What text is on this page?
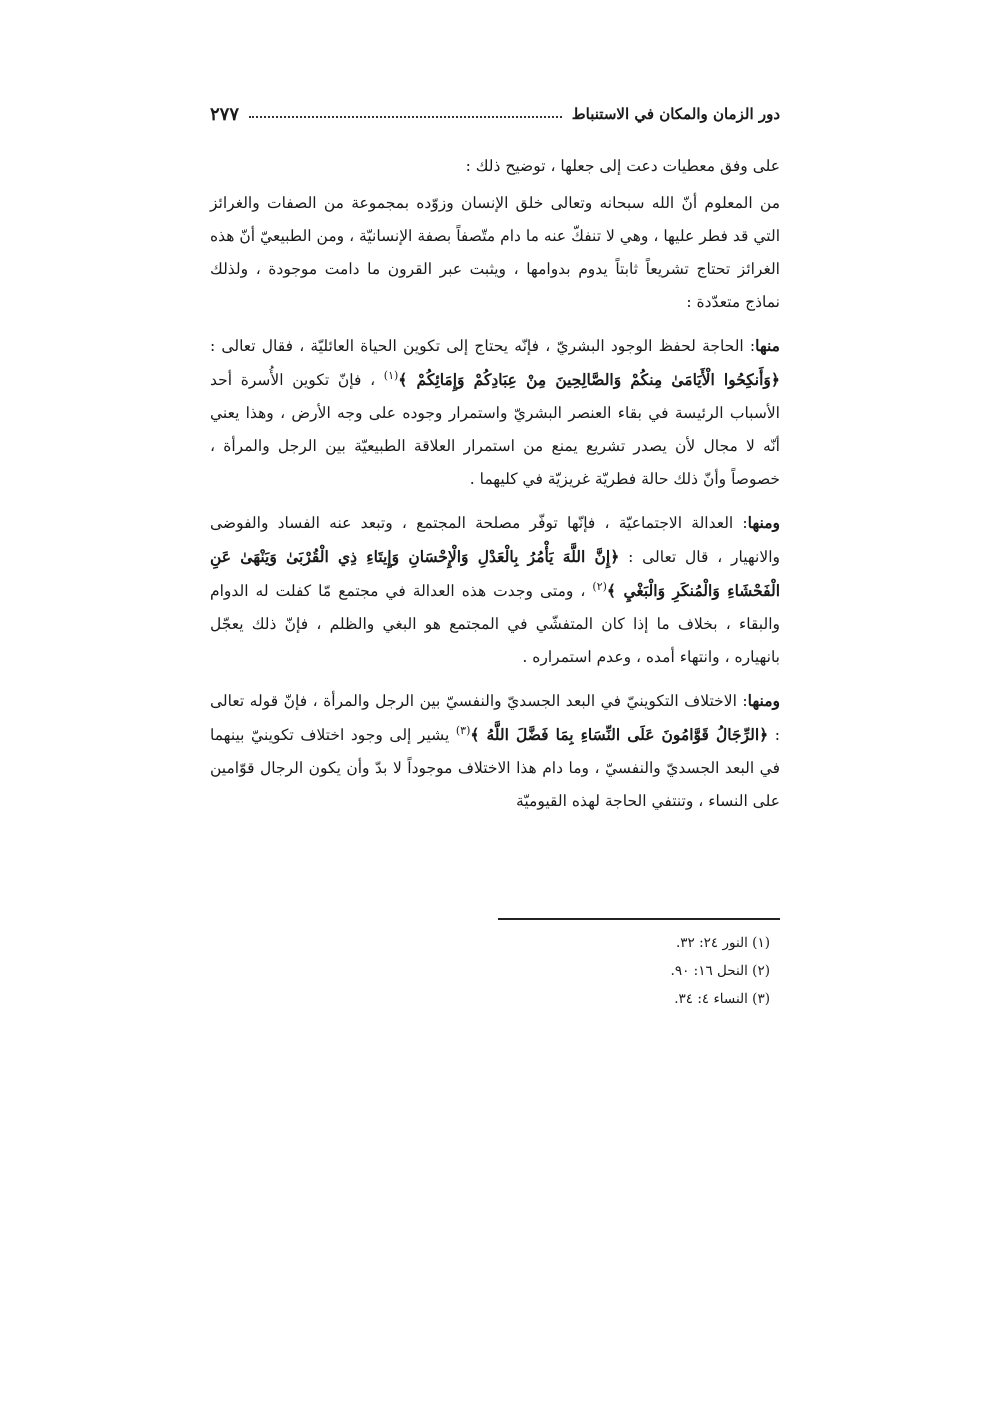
دور الزمان والمكان في الاستنباط
٢٧٧

على وفق معطيات دعت إلى جعلها ، توضيح ذلك :

من المعلوم أنّ الله سبحانه وتعالى خلق الإنسان وزوّده بمجموعة من الصفات والغرائز التي قد فطر عليها ، وهي لا تنفكّ عنه ما دام متّصفاً بصفة الإنسانيّة ، ومن الطبيعيّ أنّ هذه الغرائز تحتاج تشريعاً ثابتاً يدوم بدوامها ، ويثبت عبر القرون ما دامت موجودة ، ولذلك نماذج متعدّدة :

منها: الحاجة لحفظ الوجود البشريّ ، فإنّه يحتاج إلى تكوين الحياة العائليّة ، فقال تعالى : ﴿وَأَنكِحُوا الْأَيَامَىٰ مِنكُمْ وَالصَّالِحِينَ مِنْ عِبَادِكُمْ وَإِمَائِكُمْ ﴾$^{(١)}$ ، فإنّ تكوين الأُسرة أحد الأسباب الرئيسة في بقاء العنصر البشريّ واستمرار وجوده على وجه الأرض ، وهذا يعني أنّه لا مجال لأن يصدر تشريع يمنع من استمرار العلاقة الطبيعيّة بين الرجل والمرأة ، خصوصاً وأنّ ذلك حالة فطريّة غريزيّة في كليهما .

ومنها: العدالة الاجتماعيّة ، فإنّها توفّر مصلحة المجتمع ، وتبعد عنه الفساد والفوضى والانهيار ، قال تعالى : ﴿إِنَّ اللَّهَ يَأْمُرُ بِالْعَدْلِ وَالْإِحْسَانِ وَإِيتَاءِ ذِي الْقُرْبَىٰ وَيَنْهَىٰ عَنِ الْفَحْشَاءِ وَالْمُنكَرِ وَالْبَغْيِ ﴾$^{(٢)}$ ، ومتى وجدت هذه العدالة في مجتمع مّا كفلت له الدوام والبقاء ، بخلاف ما إذا كان المتفشّي في المجتمع هو البغي والظلم ، فإنّ ذلك يعجّل بانهياره ، وانتهاء أمده ، وعدم استمراره .

ومنها: الاختلاف التكوينيّ في البعد الجسديّ والنفسيّ بين الرجل والمرأة ، فإنّ قوله تعالى : ﴿الرِّجَالُ قَوَّامُونَ عَلَى النِّسَاءِ بِمَا فَضَّلَ اللَّهُ ﴾$^{(٣)}$ يشير إلى وجود اختلاف تكوينيّ بينهما في البعد الجسديّ والنفسيّ ، وما دام هذا الاختلاف موجوداً لا بدّ وأن يكون الرجال قوّامين على النساء ، وتنتفي الحاجة لهذه القيوميّة

(١) النور ٢٤: ٣٢.

(٢) النحل ١٦: ٩٠.

(٣) النساء ٤: ٣٤.
